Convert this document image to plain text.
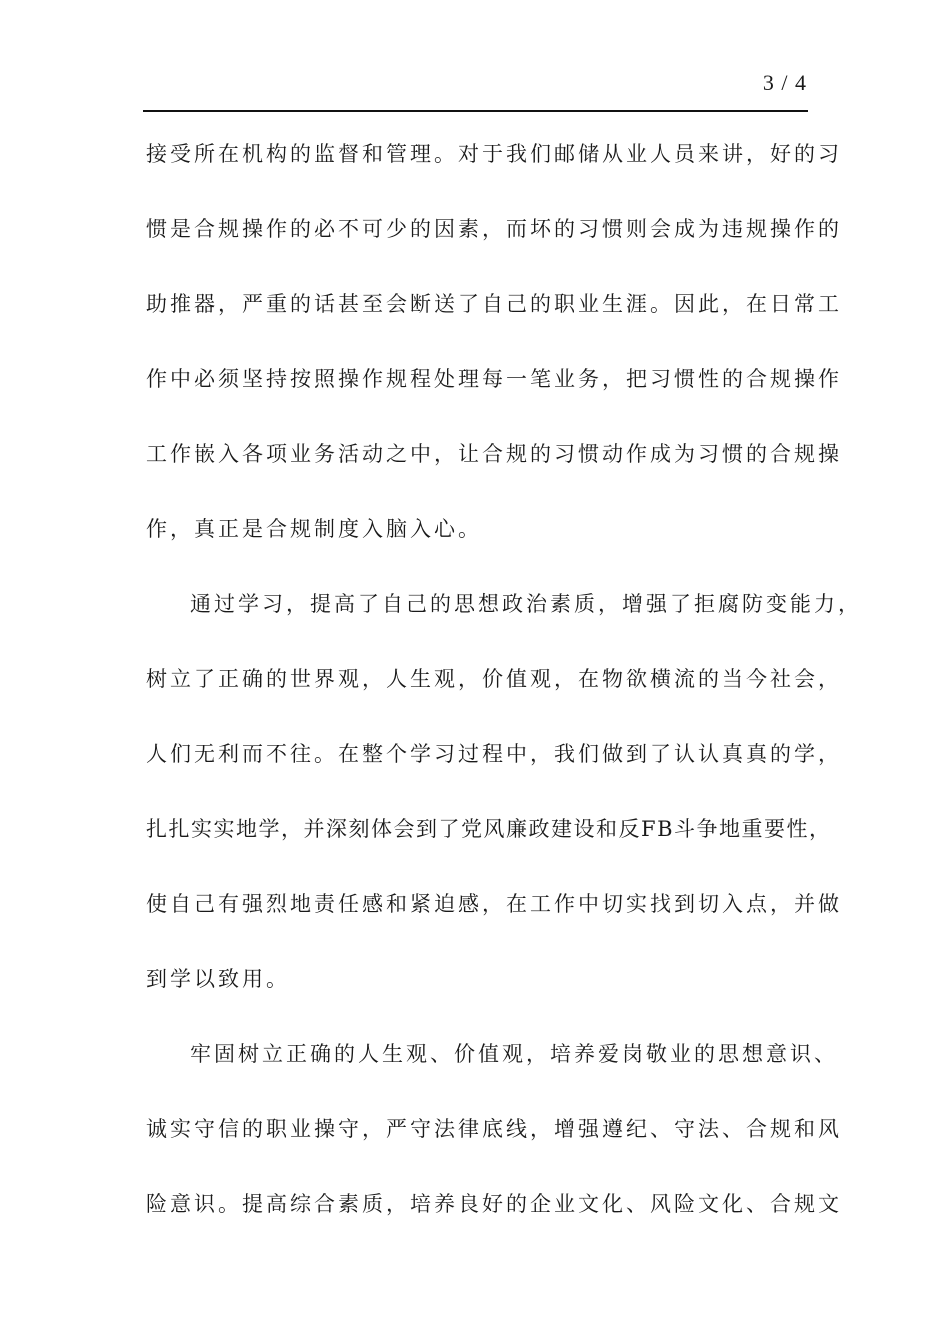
3 / 4
接受所在机构的监督和管理。对于我们邮储从业人员来讲，好的习
惯是合规操作的必不可少的因素，而坏的习惯则会成为违规操作的
助推器，严重的话甚至会断送了自己的职业生涯。因此，在日常工
作中必须坚持按照操作规程处理每一笔业务，把习惯性的合规操作
工作嵌入各项业务活动之中，让合规的习惯动作成为习惯的合规操
作，真正是合规制度入脑入心。
通过学习，提高了自己的思想政治素质，增强了拒腐防变能力，
树立了正确的世界观，人生观，价值观，在物欲横流的当今社会，
人们无利而不往。在整个学习过程中，我们做到了认认真真的学，
扎扎实实地学，并深刻体会到了党风廉政建设和反FB斗争地重要性，
使自己有强烈地责任感和紧迫感，在工作中切实找到切入点，并做
到学以致用。
牢固树立正确的人生观、价值观，培养爱岗敬业的思想意识、
诚实守信的职业操守，严守法律底线，增强遵纪、守法、合规和风
险意识。提高综合素质，培养良好的企业文化、风险文化、合规文
